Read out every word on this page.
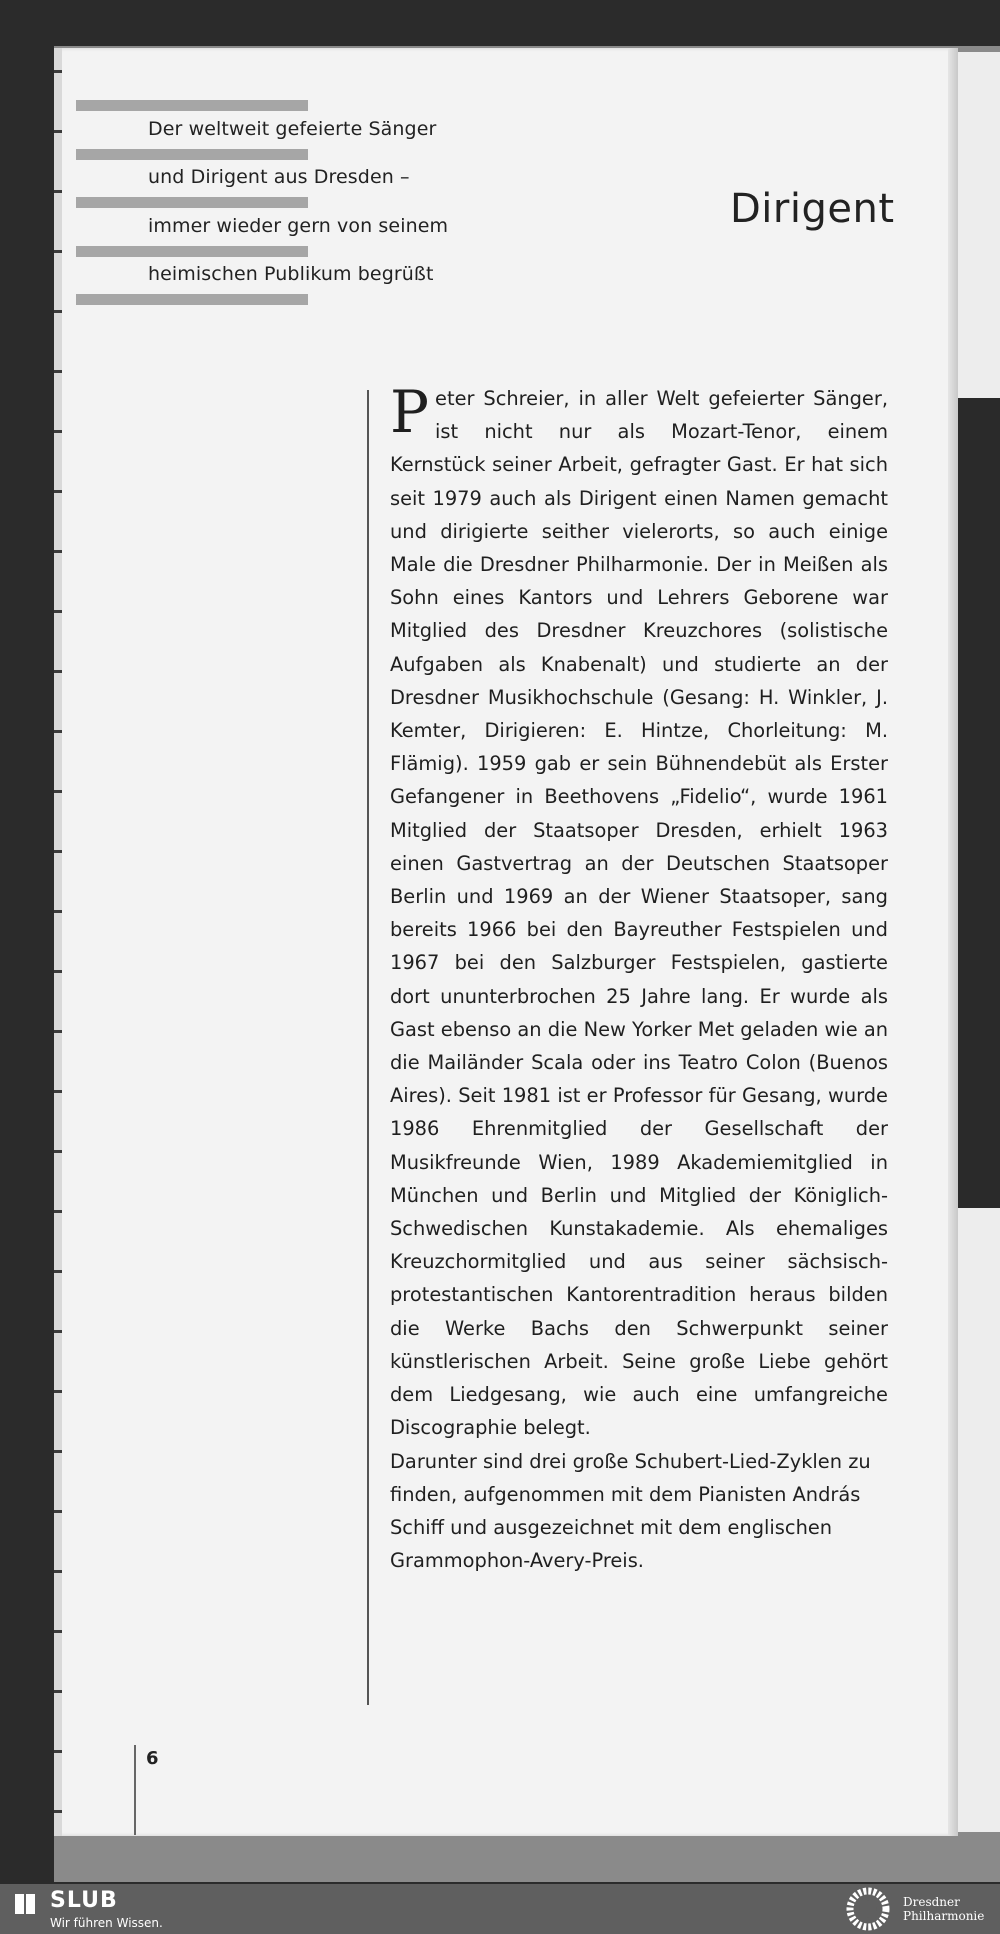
Der weltweit gefeierte Sänger
und Dirigent aus Dresden –
immer wieder gern von seinem
heimischen Publikum begrüßt
Dirigent

Peter Schreier, in aller Welt gefeierter Sänger, ist nicht nur als Mozart-Tenor, einem Kernstück seiner Arbeit, gefragter Gast. Er hat sich seit 1979 auch als Dirigent einen Namen gemacht und dirigierte seither vielerorts, so auch einige Male die Dresdner Philharmonie. Der in Meißen als Sohn eines Kantors und Lehrers Geborene war Mitglied des Dresdner Kreuzchores (solistische Aufgaben als Knabenalt) und studierte an der Dresdner Musikhochschule (Gesang: H. Winkler, J. Kemter, Dirigieren: E. Hintze, Chorleitung: M. Flämig). 1959 gab er sein Bühnendebüt als Erster Gefangener in Beethovens „Fidelio“, wurde 1961 Mitglied der Staatsoper Dresden, erhielt 1963 einen Gastvertrag an der Deutschen Staatsoper Berlin und 1969 an der Wiener Staatsoper, sang bereits 1966 bei den Bayreuther Festspielen und 1967 bei den Salzburger Festspielen, gastierte dort ununterbrochen 25 Jahre lang. Er wurde als Gast ebenso an die New Yorker Met geladen wie an die Mailänder Scala oder ins Teatro Colon (Buenos Aires). Seit 1981 ist er Professor für Gesang, wurde 1986 Ehrenmitglied der Gesellschaft der Musikfreunde Wien, 1989 Akademiemitglied in München und Berlin und Mitglied der Königlich-Schwedischen Kunstakademie. Als ehemaliges Kreuzchormitglied und aus seiner sächsisch-protestantischen Kantorentradition heraus bilden die Werke Bachs den Schwerpunkt seiner künstlerischen Arbeit. Seine große Liebe gehört dem Liedgesang, wie auch eine umfangreiche Discographie belegt.

Darunter sind drei große Schubert-Lied-Zyklen zu finden, aufgenommen mit dem Pianisten András Schiff und ausgezeichnet mit dem englischen Grammophon-Avery-Preis.

6
SLUB
Wir führen Wissen.
Dresdner
Philharmonie
